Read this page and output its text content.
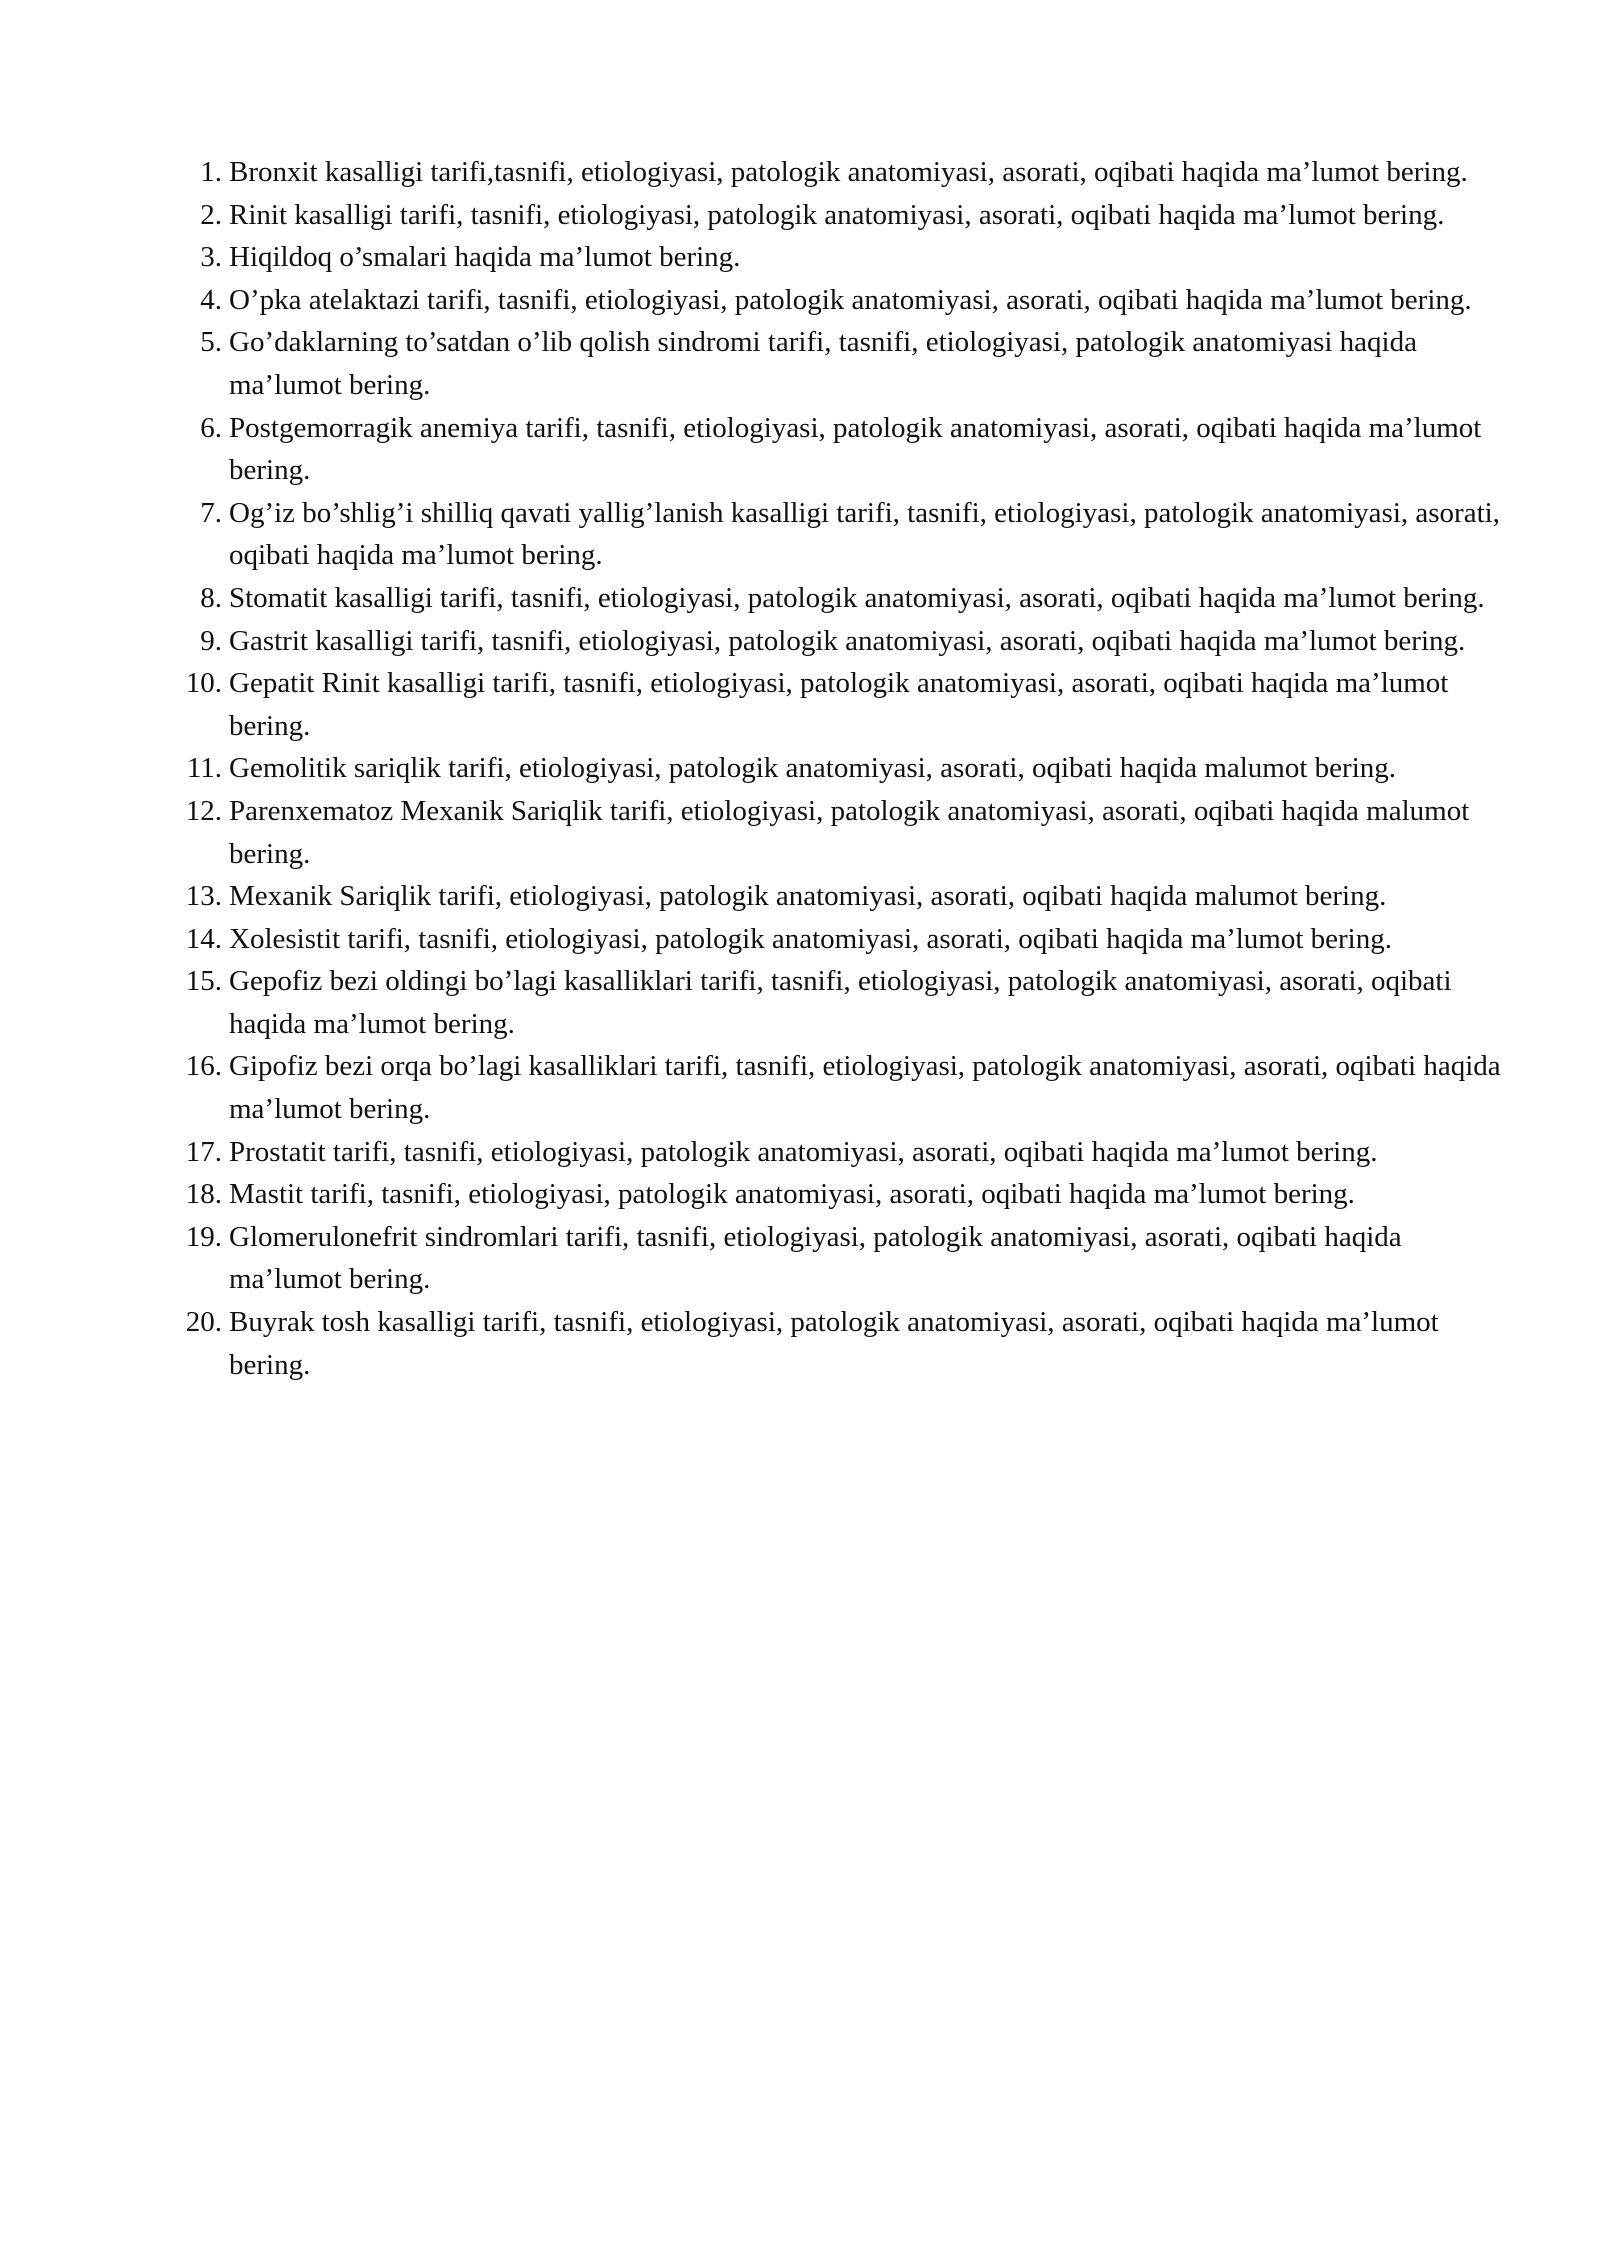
1. Bronxit kasalligi tarifi,tasnifi, etiologiyasi, patologik anatomiyasi, asorati, oqibati haqida ma’lumot bering.
2. Rinit kasalligi tarifi, tasnifi, etiologiyasi, patologik anatomiyasi, asorati, oqibati haqida ma’lumot bering.
3. Hiqildoq o’smalari haqida ma’lumot bering.
4. O’pka atelaktazi tarifi, tasnifi, etiologiyasi, patologik anatomiyasi, asorati, oqibati haqida ma’lumot bering.
5. Go’daklarning to’satdan o’lib qolish sindromi tarifi, tasnifi, etiologiyasi, patologik anatomiyasi haqida ma’lumot bering.
6. Postgemorragik anemiya tarifi, tasnifi, etiologiyasi, patologik anatomiyasi, asorati, oqibati haqida ma’lumot bering.
7. Og’iz bo’shlig’i shilliq qavati yallig’lanish kasalligi tarifi, tasnifi, etiologiyasi, patologik anatomiyasi, asorati, oqibati haqida ma’lumot bering.
8. Stomatit kasalligi tarifi, tasnifi, etiologiyasi, patologik anatomiyasi, asorati, oqibati haqida ma’lumot bering.
9. Gastrit kasalligi tarifi, tasnifi, etiologiyasi, patologik anatomiyasi, asorati, oqibati haqida ma’lumot bering.
10. Gepatit Rinit kasalligi tarifi, tasnifi, etiologiyasi, patologik anatomiyasi, asorati, oqibati haqida ma’lumot bering.
11. Gemolitik sariqlik tarifi, etiologiyasi, patologik anatomiyasi, asorati, oqibati haqida malumot bering.
12. Parenxematoz Mexanik Sariqlik tarifi, etiologiyasi, patologik anatomiyasi, asorati, oqibati haqida malumot bering.
13. Mexanik Sariqlik tarifi, etiologiyasi, patologik anatomiyasi, asorati, oqibati haqida malumot bering.
14. Xolesistit tarifi, tasnifi, etiologiyasi, patologik anatomiyasi, asorati, oqibati haqida ma’lumot bering.
15. Gepofiz bezi oldingi bo’lagi kasalliklari tarifi, tasnifi, etiologiyasi, patologik anatomiyasi, asorati, oqibati haqida ma’lumot bering.
16. Gipofiz bezi orqa bo’lagi kasalliklari tarifi, tasnifi, etiologiyasi, patologik anatomiyasi, asorati, oqibati haqida ma’lumot bering.
17. Prostatit tarifi, tasnifi, etiologiyasi, patologik anatomiyasi, asorati, oqibati haqida ma’lumot bering.
18. Mastit tarifi, tasnifi, etiologiyasi, patologik anatomiyasi, asorati, oqibati haqida ma’lumot bering.
19. Glomerulonefrit sindromlari tarifi, tasnifi, etiologiyasi, patologik anatomiyasi, asorati, oqibati haqida ma’lumot bering.
20. Buyrak tosh kasalligi tarifi, tasnifi, etiologiyasi, patologik anatomiyasi, asorati, oqibati haqida ma’lumot bering.
